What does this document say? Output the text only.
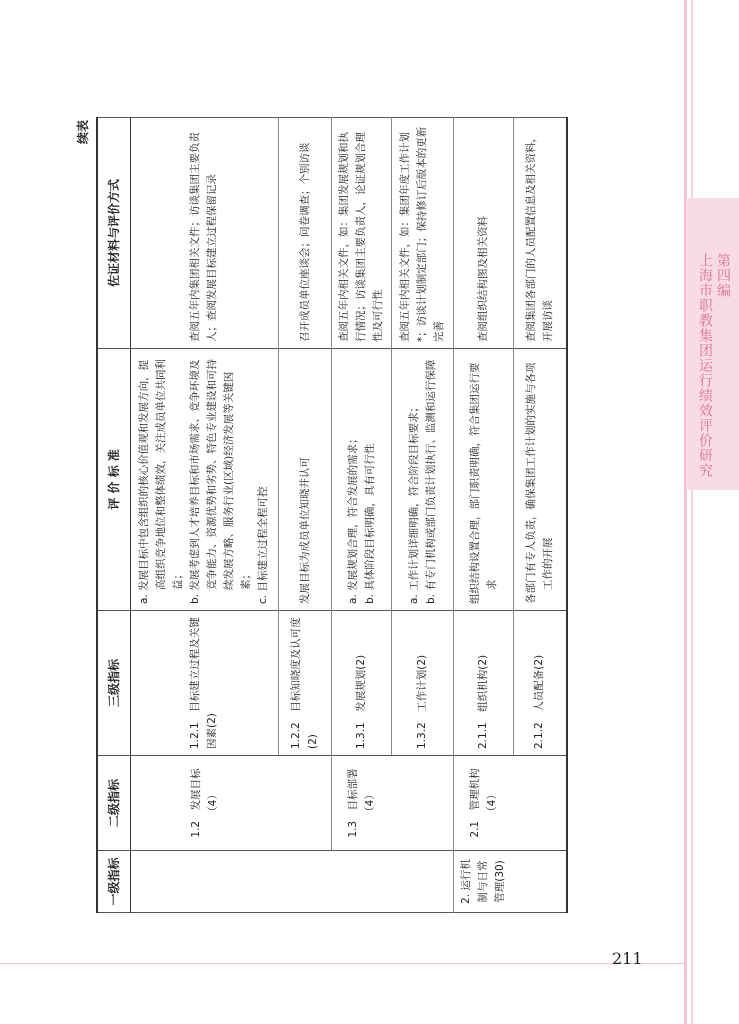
第四编 上海市职教集团运行绩效评价研究
续表
一级指标	二级指标	三级指标	评 价 标 准	佐证材料与评价方式
	1.2　发展目标（4）	1.2.1　目标建立过程及关键因素(2)	a. 发展目标中包含组织的核心价值观和发展方向，提高组织竞争地位和整体绩效，关注成员单位共同利益； b. 发展考虑到人才培养目标和市场需求、竞争环境及竞争能力、资源优势和劣势、特色专业建设和可持续发展方略、服务行业(区域)经济发展等关键因素； c. 目标建立过程全程可控	查阅五年内集团相关文件；访谈集团主要负责人；查阅发展目标建立过程保留记录
		1.2.2　目标知晓度及认可度(2)	发展目标为成员单位知晓并认可	召开成员单位座谈会；问卷调查；个别访谈
	1.3　目标部署（4）	1.3.1　发展规划(2)	a. 发展规划合理，符合发展的需求； b. 具体阶段目标明确，具有可行性	查阅五年内相关文件，如：集团发展规划和执行情况；访谈集团主要负责人，论证规划合理性及可行性
		1.3.2　工作计划(2)	a. 工作计划详细明确，符合阶段目标要求； b. 有专门机构或部门负责计划执行、监测和运行保障	查阅五年内相关文件，如：集团年度工作计划*；访谈计划制定部门；保持修订后版本的更新完善
2. 运行机制与日常管理(30)	2.1　管理机构（4）	2.1.1　组织机构(2)	组织结构设置合理，部门职责明确，符合集团运行要求	查阅组织结构图及相关资料
		2.1.2　人员配备(2)	各部门有专人负责，确保集团工作计划的实施与各项工作的开展	查阅集团各部门的人员配置信息及相关资料，开展访谈
211
